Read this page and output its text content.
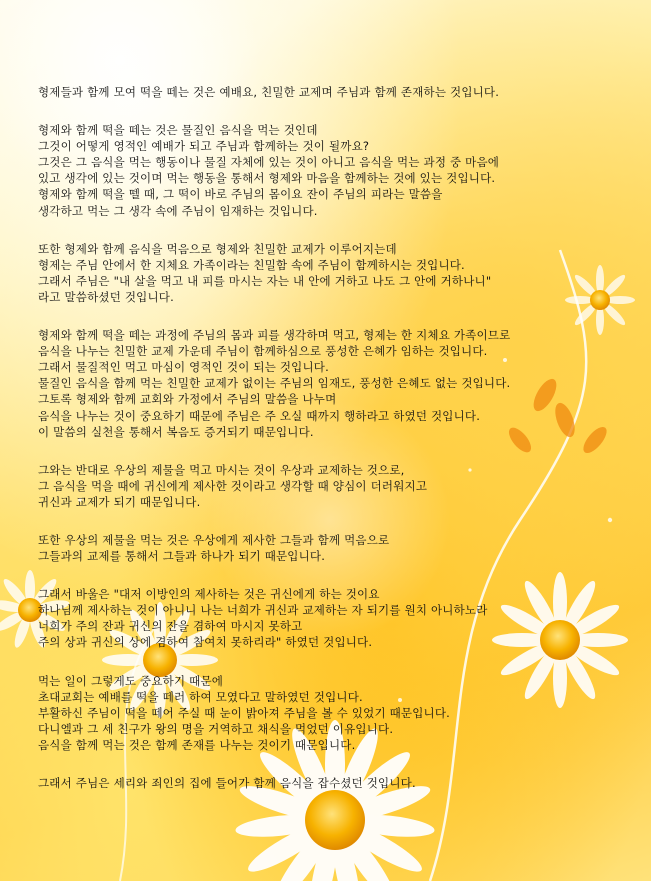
형제들과 함께 모여 떡을 떼는 것은 예배요, 친밀한 교제며 주님과 함께 존재하는 것입니다.
형제와 함께 떡을 떼는 것은 물질인 음식을 먹는 것인데
그것이 어떻게 영적인 예배가 되고 주님과 함께하는 것이 될까요?
그것은 그 음식을 먹는 행동이나 물질 자체에 있는 것이 아니고 음식을 먹는 과정 중 마음에
있고 생각에 있는 것이며 먹는 행동을 통해서 형제와 마음을 함께하는 것에 있는 것입니다.
형제와 함께 떡을 뗄 때, 그 떡이 바로 주님의 몸이요 잔이 주님의 피라는 말씀을
생각하고 먹는 그 생각 속에 주님이 임재하는 것입니다.
또한 형제와 함께 음식을 먹음으로 형제와 친밀한 교제가 이루어지는데
형제는 주님 안에서 한 지체요 가족이라는 친밀함 속에 주님이 함께하시는 것입니다.
그래서 주님은 "내 살을 먹고 내 피를 마시는 자는 내 안에 거하고 나도 그 안에 거하나니"
라고 말씀하셨던 것입니다.
형제와 함께 떡을 떼는 과정에 주님의 몸과 피를 생각하며 먹고, 형제는 한 지체요 가족이므로
음식을 나누는 친밀한 교제 가운데 주님이 함께하심으로 풍성한 은혜가 임하는 것입니다.
그래서 물질적인 먹고 마심이 영적인 것이 되는 것입니다.
물질인 음식을 함께 먹는 친밀한 교제가 없이는 주님의 임재도, 풍성한 은혜도 없는 것입니다.
그토록 형제와 함께 교회와 가정에서 주님의 말씀을 나누며
음식을 나누는 것이 중요하기 때문에 주님은 주 오실 때까지 행하라고 하였던 것입니다.
이 말씀의 실천을 통해서 복음도 증거되기 때문입니다.
그와는 반대로 우상의 제물을 먹고 마시는 것이 우상과 교제하는 것으로,
그 음식을 먹을 때에 귀신에게 제사한 것이라고 생각할 때 양심이 더러워지고
귀신과 교제가 되기 때문입니다.
또한 우상의 제물을 먹는 것은 우상에게 제사한 그들과 함께 먹음으로
그들과의 교제를 통해서 그들과 하나가 되기 때문입니다.
그래서 바울은 "대저 이방인의 제사하는 것은 귀신에게 하는 것이요
하나님께 제사하는 것이 아니니 나는 너희가 귀신과 교제하는 자 되기를 원치 아니하노라
너희가 주의 잔과 귀신의 잔을 겸하여 마시지 못하고
주의 상과 귀신의 상에 겸하여 참여치 못하리라" 하였던 것입니다.
먹는 일이 그렇게도 중요하기 때문에
초대교회는 예배를 떡을 떼러 하여 모였다고 말하였던 것입니다.
부활하신 주님이 떡을 떼어 주실 때 눈이 밝아져 주님을 볼 수 있었기 때문입니다.
다니엘과 그 세 친구가 왕의 명을 거역하고 채식을 먹었던 이유입니다.
음식을 함께 먹는 것은 함께 존재를 나누는 것이기 때문입니다.
그래서 주님은 세리와 죄인의 집에 들어가 함께 음식을 잡수셨던 것입니다.
